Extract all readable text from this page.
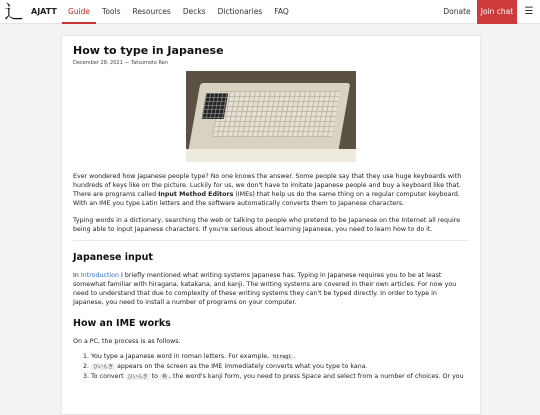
⻌ AJATT	Guide	Tools	Resources	Decks	Dictionaries	FAQ	Donate	Join chat	☰
How to type in Japanese
December 28, 2021 — Tatsumoto Ren

Ever wondered how Japanese people type? No one knows the answer. Some people say that they use huge keyboards with hundreds of keys like on the picture. Luckily for us, we don't have to imitate Japanese people and buy a keyboard like that. There are programs called Input Method Editors (IMEs) that help us do the same thing on a regular computer keyboard. With an IME you type Latin letters and the software automatically converts them to Japanese characters.

Typing words in a dictionary, searching the web or talking to people who pretend to be Japanese on the Internet all require being able to input Japanese characters. If you're serious about learning Japanese, you need to learn how to do it.

Japanese input

In Introduction I briefly mentioned what writing systems Japanese has. Typing in Japanese requires you to be at least somewhat familiar with hiragana, katakana, and kanji. The writing systems are covered in their own articles. For now you need to understand that due to complexity of these writing systems they can't be typed directly. In order to type in Japanese, you need to install a number of programs on your computer.

How an IME works

On a PC, the process is as follows.

1. You type a Japanese word in roman letters. For example, hiragi .
2. ひいらぎ appears on the screen as the IME immediately converts what you type to kana.
3. To convert ひいらぎ to 柊 , the word's kanji form, you need to press Space and select from a number of choices. Or you
